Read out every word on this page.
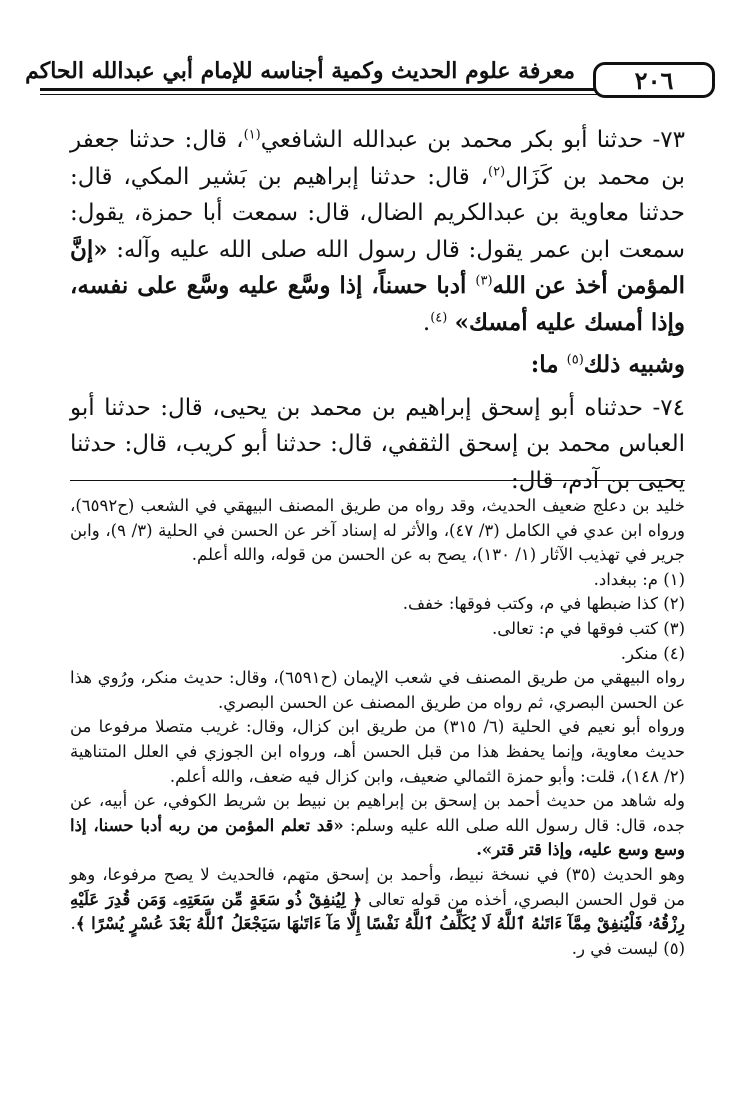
معرفة علوم الحديث وكمية أجناسه للإمام أبي عبدالله الحاكم	٢٠٦

٧٣- حدثنا أبو بكر محمد بن عبدالله الشافعي$^{(١)}$، قال: حدثنا جعفر بن محمد بن كَزَال$^{(٢)}$، قال: حدثنا إبراهيم بن بَشير المكي، قال: حدثنا معاوية بن عبدالكريم الضال، قال: سمعت أبا حمزة، يقول: سمعت ابن عمر يقول: قال رسول الله صلى الله عليه وآله: «إنَّ المؤمن أخذ عن الله$^{(٣)}$ أدبا حسناً، إذا وسَّع عليه وسَّع على نفسه، وإذا أمسك عليه أمسك» $^{(٤)}$.

وشبيه ذلك$^{(٥)}$ ما:

٧٤- حدثناه أبو إسحق إبراهيم بن محمد بن يحيى، قال: حدثنا أبو العباس محمد بن إسحق الثقفي، قال: حدثنا أبو كريب، قال: حدثنا يحيى بن آدم، قال:

خليد بن دعلج ضعيف الحديث، وقد رواه من طريق المصنف البيهقي في الشعب (ح٦٥٩٢)، ورواه ابن عدي في الكامل (٣/ ٤٧)، والأثر له إسناد آخر عن الحسن في الحلية (٣/ ٩)، وابن جرير في تهذيب الآثار (١/ ١٣٠)، يصح به عن الحسن من قوله، والله أعلم.

(١) م: ببغداد.

(٢) كذا ضبطها في م، وكتب فوقها: خفف.

(٣) كتب فوقها في م: تعالى.

(٤) منكر.

رواه البيهقي من طريق المصنف في شعب الإيمان (ح٦٥٩١)، وقال: حديث منكر، ورُوي هذا عن الحسن البصري، ثم رواه من طريق المصنف عن الحسن البصري.

ورواه أبو نعيم في الحلية (٦/ ٣١٥) من طريق ابن كزال، وقال: غريب متصلا مرفوعا من حديث معاوية، وإنما يحفظ هذا من قبل الحسن أهـ، ورواه ابن الجوزي في العلل المتناهية (٢/ ١٤٨)، قلت: وأبو حمزة الثمالي ضعيف، وابن كزال فيه ضعف، والله أعلم.

وله شاهد من حديث أحمد بن إسحق بن إبراهيم بن نبيط بن شريط الكوفي، عن أبيه، عن جده، قال: قال رسول الله صلى الله عليه وسلم: «قد تعلم المؤمن من ربه أدبا حسنا، إذا وسع وسع عليه، وإذا قتر قتر».

وهو الحديث (٣٥) في نسخة نبيط، وأحمد بن إسحق متهم، فالحديث لا يصح مرفوعا، وهو من قول الحسن البصري، أخذه من قوله تعالى ﴿ لِيُنفِقْ ذُو سَعَةٍ مِّن سَعَتِهِۦ وَمَن قُدِرَ عَلَيْهِ رِزْقُهُۥ فَلْيُنفِقْ مِمَّآ ءَاتَىٰهُ ٱللَّهُ لَا يُكَلِّفُ ٱللَّهُ نَفْسًا إِلَّا مَآ ءَاتَىٰهَا سَيَجْعَلُ ٱللَّهُ بَعْدَ عُسْرٍ يُسْرًا ﴾.

(٥) ليست في ر.
